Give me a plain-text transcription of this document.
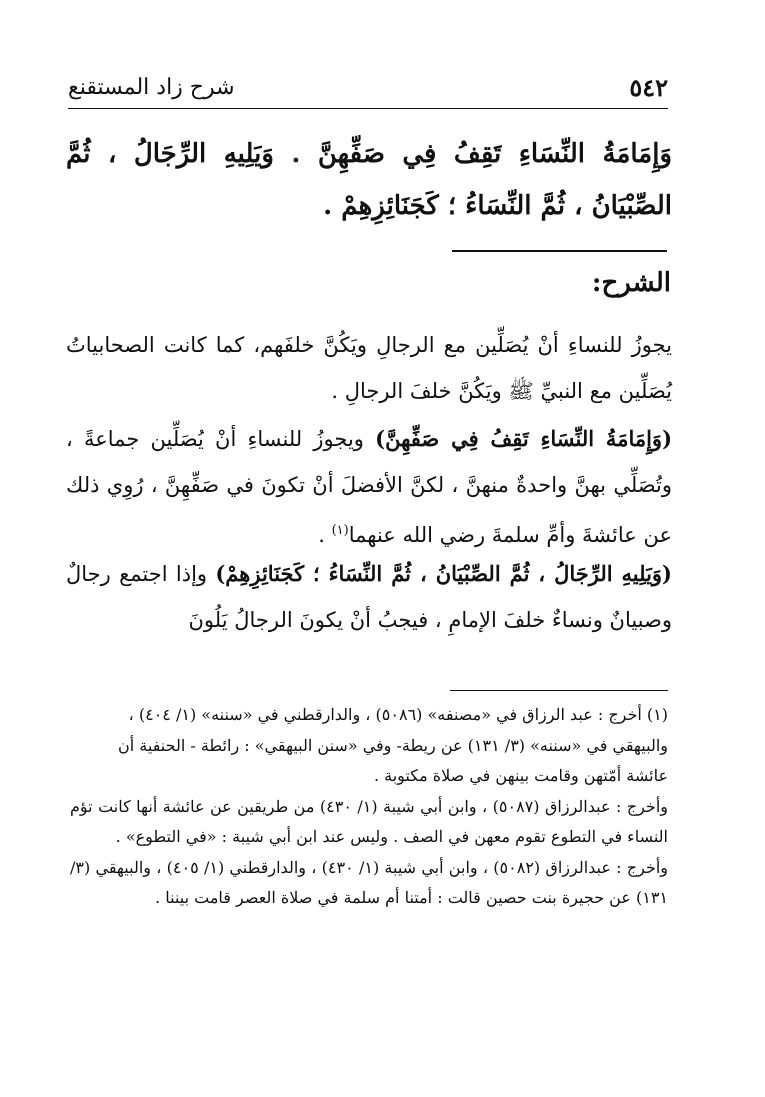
٥٤٢
شرح زاد المستقنع
وَإِمَامَةُ النِّسَاءِ تَقِفُ فِي صَفِّهِنَّ . وَيَلِيهِ الرِّجَالُ ، ثُمَّ الصِّبْيَانُ ، ثُمَّ النِّسَاءُ ؛ كَجَنَائِزِهِمْ .
الشرح:
يجوزُ للنساءِ أنْ يُصَلِّين مع الرجالِ ويَكُنَّ خلفَهم، كما كانت الصحابياتُ يُصَلِّين مع النبيِّ ﷺ ويَكُنَّ خلفَ الرجالِ .
(وَإِمَامَةُ النِّسَاءِ تَقِفُ فِي صَفِّهِنَّ) ويجوزُ للنساءِ أنْ يُصَلِّين جماعةً ، وتُصَلِّي بهنَّ واحدةٌ منهنَّ ، لكنَّ الأفضلَ أنْ تكونَ في صَفِّهِنَّ ، رُوِي ذلك عن عائشةَ وأمِّ سلمةَ رضي الله عنهما$^{(١)}$ .
(وَيَلِيهِ الرِّجَالُ ، ثُمَّ الصِّبْيَانُ ، ثُمَّ النِّسَاءُ ؛ كَجَنَائِزِهِمْ) وإذا اجتمع رجالٌ وصبيانٌ ونساءٌ خلفَ الإمامِ ، فيجبُ أنْ يكونَ الرجالُ يَلُونَ
(١) أخرج : عبد الرزاق في «مصنفه» (٥٠٨٦) ، والدارقطني في «سننه» (١/ ٤٠٤) ،
والبيهقي في «سننه» (٣/ ١٣١) عن ريطة- وفي «سنن البيهقي» : رائطة - الحنفية أن
عائشة أمّتهن وقامت بينهن في صلاة مكتوبة .

وأخرج : عبدالرزاق (٥٠٨٧) ، وابن أبي شيبة (١/ ٤٣٠) من طريقين عن عائشة أنها كانت تؤم النساء في التطوع تقوم معهن في الصف . وليس عند ابن أبي شيبة : «في التطوع» .

وأخرج : عبدالرزاق (٥٠٨٢) ، وابن أبي شيبة (١/ ٤٣٠) ، والدارقطني (١/ ٤٠٥) ، والبيهقي (٣/ ١٣١) عن حجيرة بنت حصين قالت : أمتنا أم سلمة في صلاة العصر قامت بيننا .
